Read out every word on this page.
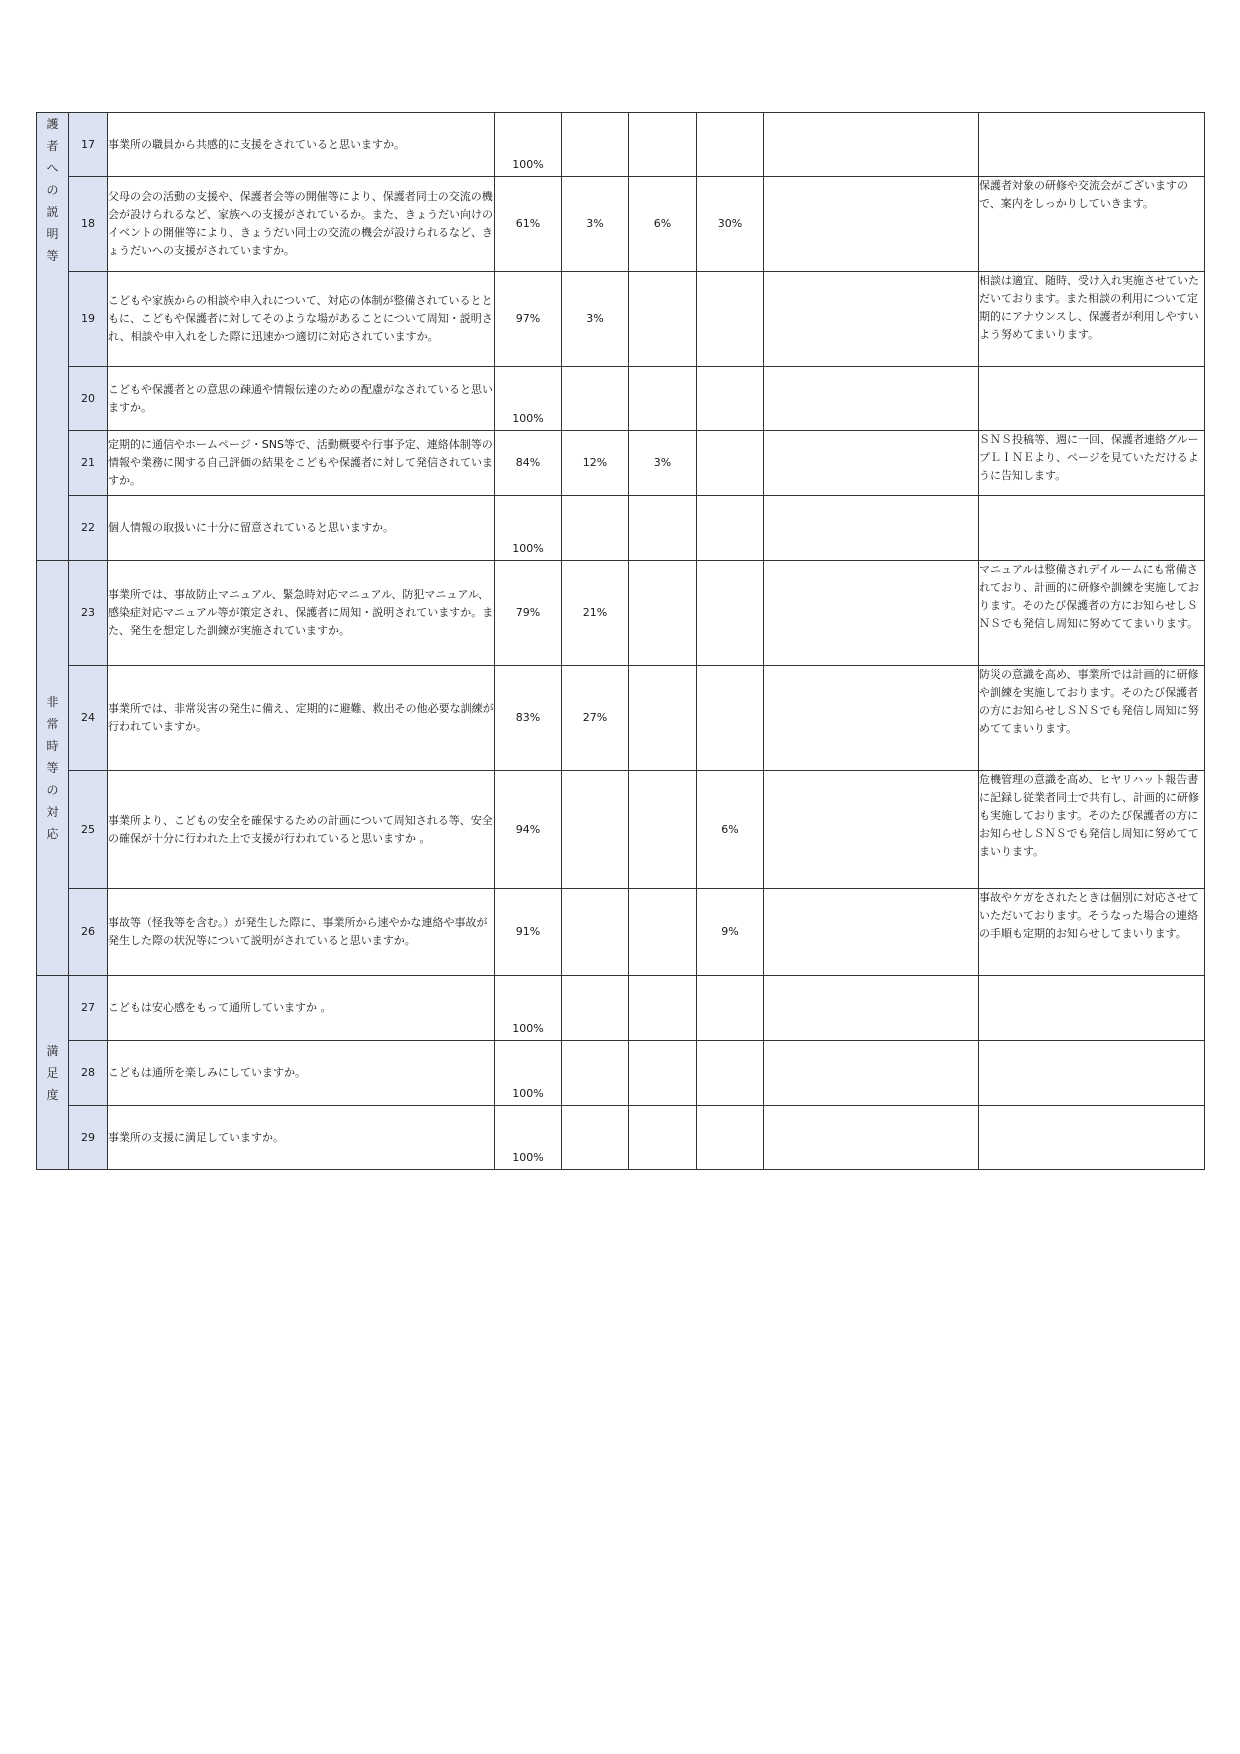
護者への説明等	17	事業所の職員から共感的に支援をされていると思いますか。	100%					
	18	父母の会の活動の支援や、保護者会等の開催等により、保護者同士の交流の機会が設けられるなど、家族への支援がされているか。また、きょうだい向けのイベントの開催等により、きょうだい同士の交流の機会が設けられるなど、きょうだいへの支援がされていますか。	61%	3%	6%	30%		保護者対象の研修や交流会がございますので、案内をしっかりしていきます。
	19	こどもや家族からの相談や申入れについて、対応の体制が整備されているとともに、こどもや保護者に対してそのような場があることについて周知・説明され、相談や申入れをした際に迅速かつ適切に対応されていますか。	97%	3%				相談は適宜、随時、受け入れ実施させていただいております。また相談の利用について定期的にアナウンスし、保護者が利用しやすいよう努めてまいります。
	20	こどもや保護者との意思の疎通や情報伝達のための配慮がなされていると思いますか。	100%					
	21	定期的に通信やホームページ・SNS等で、活動概要や行事予定、連絡体制等の情報や業務に関する自己評価の結果をこどもや保護者に対して発信されていますか。	84%	12%	3%			ＳＮＳ投稿等、週に一回、保護者連絡グループＬＩＮＥより、ページを見ていただけるように告知します。
	22	個人情報の取扱いに十分に留意されていると思いますか。	100%					
非常時等の対応	23	事業所では、事故防止マニュアル、緊急時対応マニュアル、防犯マニュアル、感染症対応マニュアル等が策定され、保護者に周知・説明されていますか。また、発生を想定した訓練が実施されていますか。	79%	21%				マニュアルは整備されデイルームにも常備されており、計画的に研修や訓練を実施しております。そのたび保護者の方にお知らせしＳＮＳでも発信し周知に努めててまいります。
	24	事業所では、非常災害の発生に備え、定期的に避難、救出その他必要な訓練が行われていますか。	83%	27%				防災の意識を高め、事業所では計画的に研修や訓練を実施しております。そのたび保護者の方にお知らせしＳＮＳでも発信し周知に努めててまいります。
	25	事業所より、こどもの安全を確保するための計画について周知される等、安全の確保が十分に行われた上で支援が行われていると思いますか 。	94%			6%		危機管理の意識を高め、ヒヤリハット報告書に記録し従業者同士で共有し、計画的に研修も実施しております。そのたび保護者の方にお知らせしＳＮＳでも発信し周知に努めててまいります。
	26	事故等（怪我等を含む。）が発生した際に、事業所から速やかな連絡や事故が発生した際の状況等について説明がされていると思いますか。	91%			9%		事故やケガをされたときは個別に対応させていただいております。そうなった場合の連絡の手順も定期的お知らせしてまいります。
満足度	27	こどもは安心感をもって通所していますか 。	100%					
	28	こどもは通所を楽しみにしていますか。	100%					
	29	事業所の支援に満足していますか。	100%					
